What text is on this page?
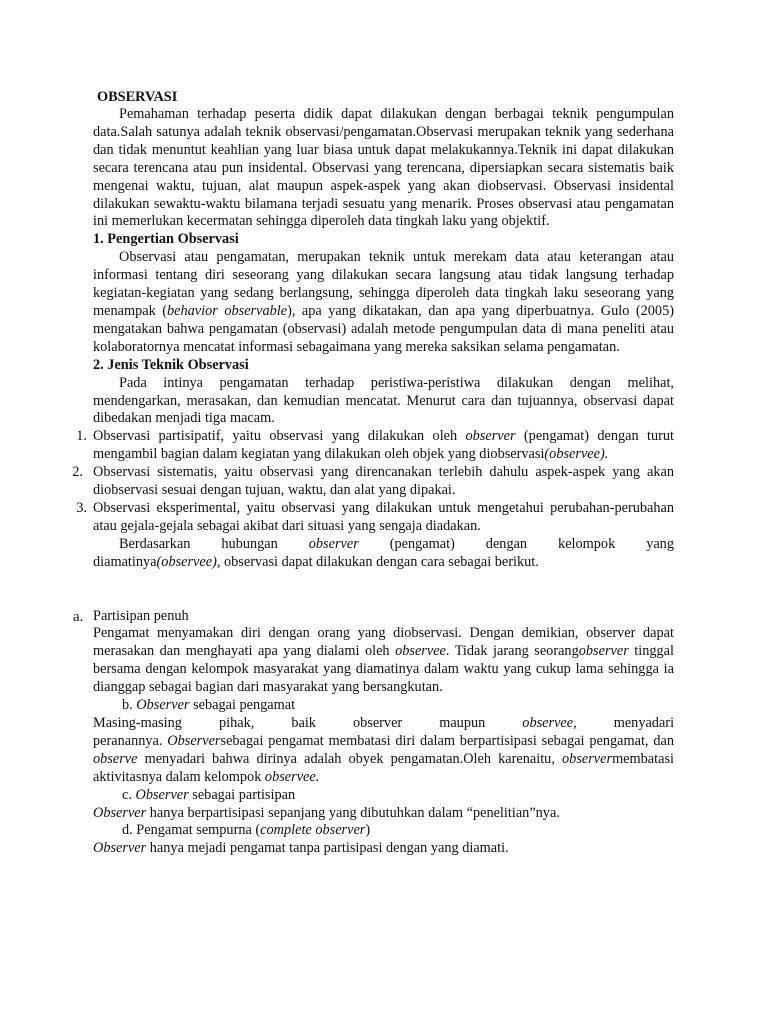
OBSERVASI

Pemahaman terhadap peserta didik dapat dilakukan dengan berbagai teknik pengumpulan data.Salah satunya adalah teknik observasi/pengamatan.Observasi merupakan teknik yang sederhana dan tidak menuntut keahlian yang luar biasa untuk dapat melakukannya.Teknik ini dapat dilakukan secara terencana atau pun insidental. Observasi yang terencana, dipersiapkan secara sistematis baik mengenai waktu, tujuan, alat maupun aspek-aspek yang akan diobservasi. Observasi insidental dilakukan sewaktu-waktu bilamana terjadi sesuatu yang menarik. Proses observasi atau pengamatan ini memerlukan kecermatan sehingga diperoleh data tingkah laku yang objektif.

1. Pengertian Observasi

Observasi atau pengamatan, merupakan teknik untuk merekam data atau keterangan atau informasi tentang diri seseorang yang dilakukan secara langsung atau tidak langsung terhadap kegiatan-kegiatan yang sedang berlangsung, sehingga diperoleh data tingkah laku seseorang yang menampak (behavior observable), apa yang dikatakan, dan apa yang diperbuatnya. Gulo (2005) mengatakan bahwa pengamatan (observasi) adalah metode pengumpulan data di mana peneliti atau kolaboratornya mencatat informasi sebagaimana yang mereka saksikan selama pengamatan.

2. Jenis Teknik Observasi

Pada intinya pengamatan terhadap peristiwa-peristiwa dilakukan dengan melihat, mendengarkan, merasakan, dan kemudian mencatat. Menurut cara dan tujuannya, observasi dapat dibedakan menjadi tiga macam.

1. Observasi partisipatif, yaitu observasi yang dilakukan oleh observer (pengamat) dengan turut mengambil bagian dalam kegiatan yang dilakukan oleh objek yang diobservasi(observee).
2. Observasi sistematis, yaitu observasi yang direncanakan terlebih dahulu aspek-aspek yang akan diobservasi sesuai dengan tujuan, waktu, dan alat yang dipakai.
3. Observasi eksperimental, yaitu observasi yang dilakukan untuk mengetahui perubahan-perubahan atau gejala-gejala sebagai akibat dari situasi yang sengaja diadakan.

Berdasarkan hubungan observer (pengamat) dengan kelompok yang

diamatinya(observee), observasi dapat dilakukan dengan cara sebagai berikut.

a. Partisipan penuh

Pengamat menyamakan diri dengan orang yang diobservasi. Dengan demikian, observer dapat merasakan dan menghayati apa yang dialami oleh observee. Tidak jarang seorangobserver tinggal bersama dengan kelompok masyarakat yang diamatinya dalam waktu yang cukup lama sehingga ia dianggap sebagai bagian dari masyarakat yang bersangkutan.

b. Observer sebagai pengamat

Masing-masing	pihak,	baik	observer	maupun	observee,	menyadari

peranannya. Observersebagai pengamat membatasi diri dalam berpartisipasi sebagai pengamat, dan observe menyadari bahwa dirinya adalah obyek pengamatan.Oleh karenaitu, observermembatasi aktivitasnya dalam kelompok observee.

c. Observer sebagai partisipan

Observer hanya berpartisipasi sepanjang yang dibutuhkan dalam “penelitian”nya.

d. Pengamat sempurna (complete observer)

Observer hanya mejadi pengamat tanpa partisipasi dengan yang diamati.
